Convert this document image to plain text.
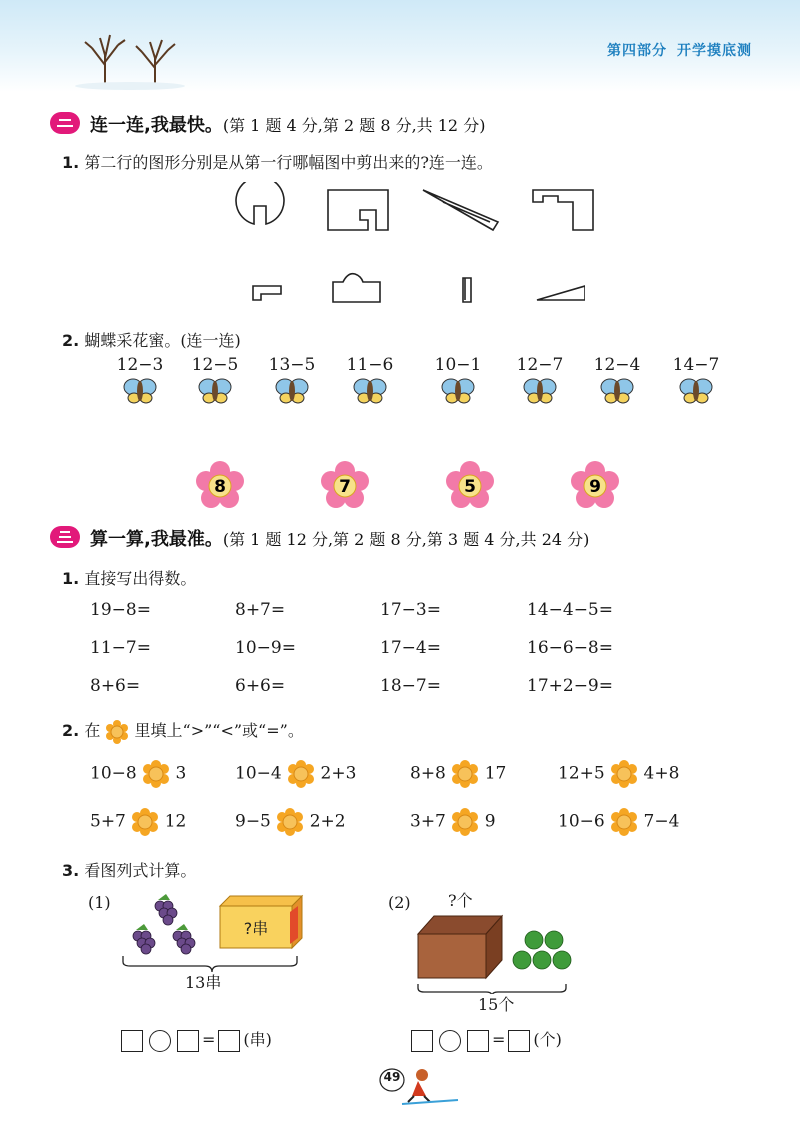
第四部分 开学摸底测
连一连,我最快。(第 1 题 4 分,第 2 题 8 分,共 12 分)
1. 第二行的图形分别是从第一行哪幅图中剪出来的?连一连。
2. 蝴蝶采花蜜。(连一连)
12−3	12−5	13−5	11−6	10−1	12−7	12−4	14−7
8	7	5	9
算一算,我最准。(第 1 题 12 分,第 2 题 8 分,第 3 题 4 分,共 24 分)
1. 直接写出得数。
19−8=	8+7=	17−3=	14−4−5=
11−7=	10−9=	17−4=	16−6−8=
8+6=	6+6=	18−7=	17+2−9=
2. 在 里填上“>”“<”或“=”。
10−8 3	10−4 2+3	8+8 17	12+5 4+8
5+7 12	9−5 2+2	3+7 9	10−6 7−4
3. 看图列式计算。
(1)
?串
13串
= (串)
(2) ?个
15个
= (个)
49
